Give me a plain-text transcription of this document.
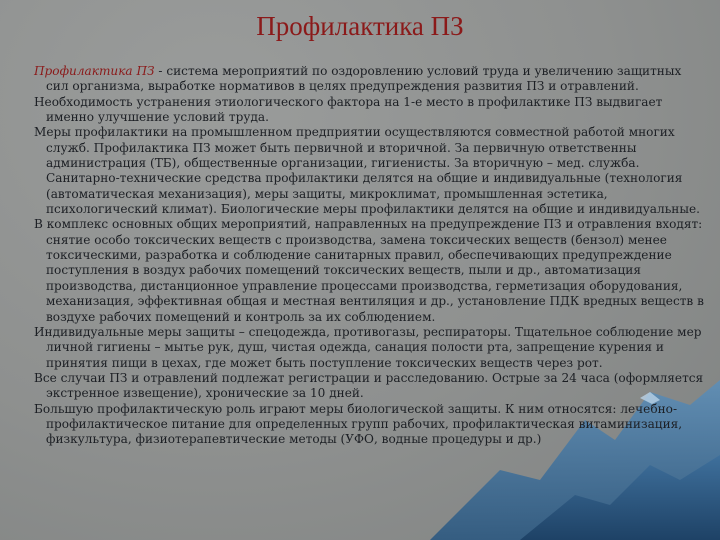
Профилактика ПЗ

Профилактика ПЗ - система мероприятий по оздоровлению условий труда и увеличению защитных сил организма, выработке нормативов в целях предупреждения развития ПЗ и отравлений.

Необходимость устранения этиологического фактора на 1-е место в профилактике ПЗ выдвигает именно улучшение условий труда.

Меры профилактики на промышленном предприятии осуществляются совместной работой многих служб. Профилактика ПЗ может быть первичной и вторичной. За первичную ответственны администрация (ТБ), общественные организации, гигиенисты. За вторичную – мед. служба. Санитарно-технические средства профилактики делятся на общие и индивидуальные (технология (автоматическая механизация), меры защиты, микроклимат, промышленная эстетика, психологический климат). Биологические меры профилактики делятся на общие и индивидуальные.

В комплекс основных общих мероприятий, направленных на предупреждение ПЗ и отравления входят: снятие особо токсических веществ с производства, замена токсических веществ (бензол) менее токсическими, разработка и соблюдение санитарных правил, обеспечивающих предупреждение поступления в воздух рабочих помещений токсических веществ, пыли и др., автоматизация производства, дистанционное управление процессами производства, герметизация оборудования, механизация, эффективная общая и местная вентиляция и др., установление ПДК вредных веществ в воздухе рабочих помещений и контроль за их соблюдением.

Индивидуальные меры защиты – спецодежда, противогазы, респираторы. Тщательное соблюдение мер личной гигиены – мытье рук, душ, чистая одежда, санация полости рта, запрещение курения и принятия пищи в цехах, где может быть поступление токсических веществ через рот.

Все случаи ПЗ и отравлений подлежат регистрации и расследованию. Острые за 24 часа (оформляется экстренное извещение), хронические за 10 дней.

Большую профилактическую роль играют меры биологической защиты. К ним относятся: лечебно-профилактическое питание для определенных групп рабочих, профилактическая витаминизация, физкультура, физиотерапевтические методы (УФО, водные процедуры и др.)
